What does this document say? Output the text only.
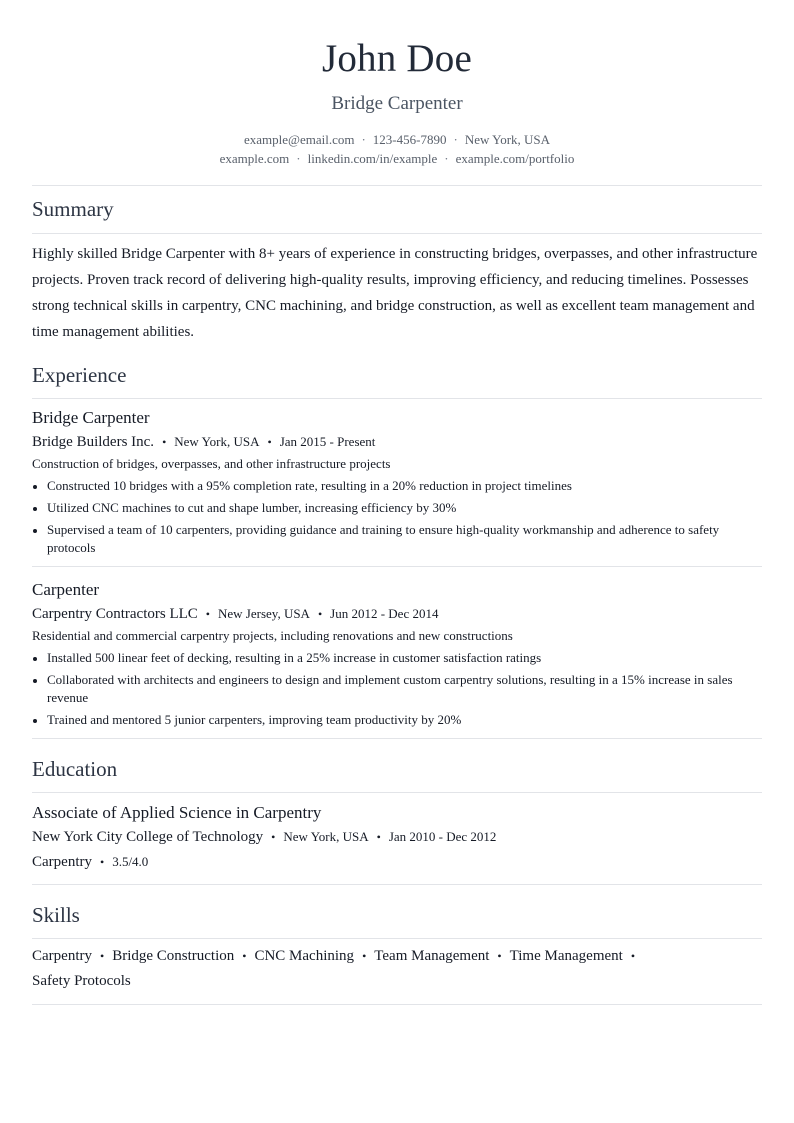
John Doe
Bridge Carpenter
example@email.com · 123-456-7890 · New York, USA
example.com · linkedin.com/in/example · example.com/portfolio
Summary
Highly skilled Bridge Carpenter with 8+ years of experience in constructing bridges, overpasses, and other infrastructure projects. Proven track record of delivering high-quality results, improving efficiency, and reducing timelines. Possesses strong technical skills in carpentry, CNC machining, and bridge construction, as well as excellent team management and time management abilities.
Experience
Bridge Carpenter
Bridge Builders Inc. • New York, USA • Jan 2015 - Present
Construction of bridges, overpasses, and other infrastructure projects
Constructed 10 bridges with a 95% completion rate, resulting in a 20% reduction in project timelines
Utilized CNC machines to cut and shape lumber, increasing efficiency by 30%
Supervised a team of 10 carpenters, providing guidance and training to ensure high-quality workmanship and adherence to safety protocols
Carpenter
Carpentry Contractors LLC • New Jersey, USA • Jun 2012 - Dec 2014
Residential and commercial carpentry projects, including renovations and new constructions
Installed 500 linear feet of decking, resulting in a 25% increase in customer satisfaction ratings
Collaborated with architects and engineers to design and implement custom carpentry solutions, resulting in a 15% increase in sales revenue
Trained and mentored 5 junior carpenters, improving team productivity by 20%
Education
Associate of Applied Science in Carpentry
New York City College of Technology • New York, USA • Jan 2010 - Dec 2012
Carpentry • 3.5/4.0
Skills
Carpentry • Bridge Construction • CNC Machining • Team Management • Time Management •
Safety Protocols
